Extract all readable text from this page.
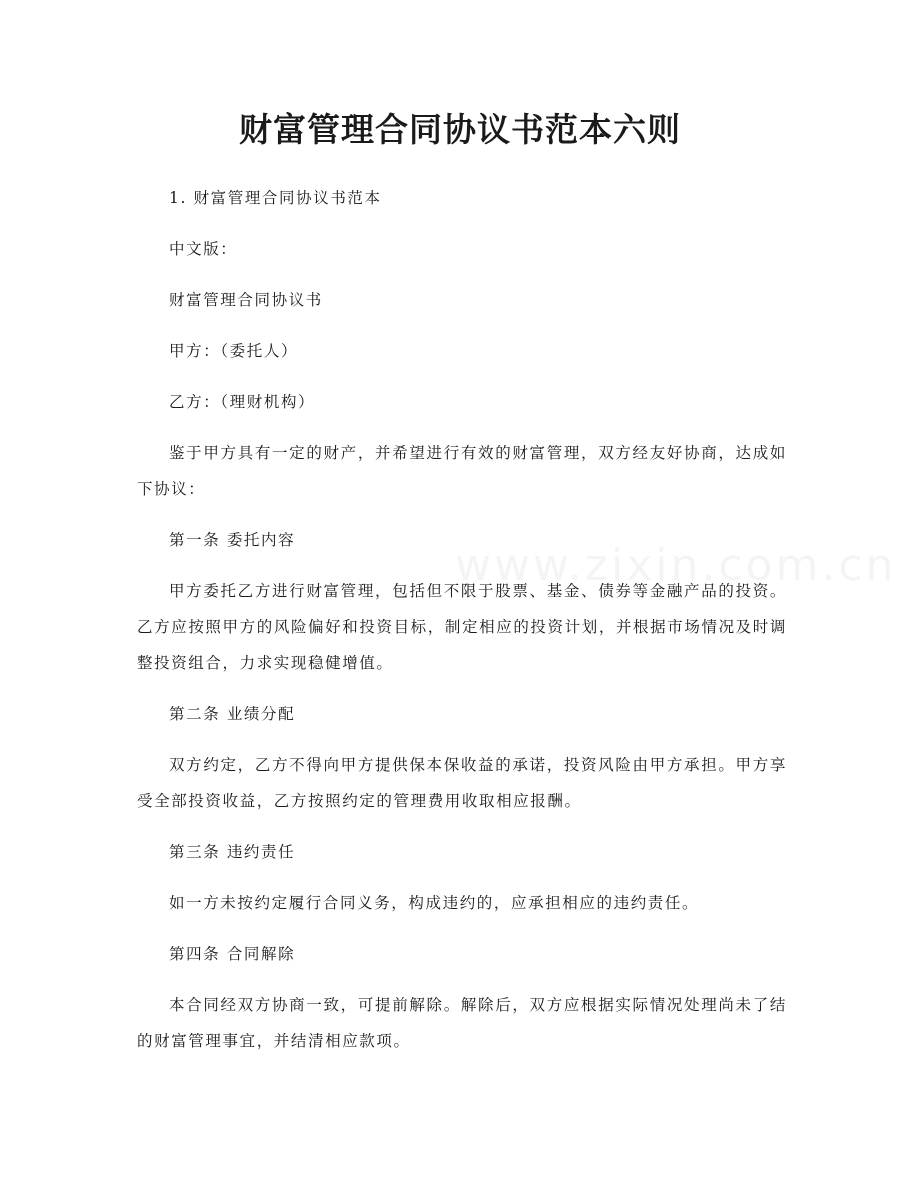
财富管理合同协议书范本六则

1. 财富管理合同协议书范本

中文版：

财富管理合同协议书

甲方：（委托人）

乙方：（理财机构）

鉴于甲方具有一定的财产，并希望进行有效的财富管理，双方经友好协商，达成如下协议：

第一条 委托内容

甲方委托乙方进行财富管理，包括但不限于股票、基金、债券等金融产品的投资。乙方应按照甲方的风险偏好和投资目标，制定相应的投资计划，并根据市场情况及时调整投资组合，力求实现稳健增值。

第二条 业绩分配

双方约定，乙方不得向甲方提供保本保收益的承诺，投资风险由甲方承担。甲方享受全部投资收益，乙方按照约定的管理费用收取相应报酬。

第三条 违约责任

如一方未按约定履行合同义务，构成违约的，应承担相应的违约责任。

第四条 合同解除

本合同经双方协商一致，可提前解除。解除后，双方应根据实际情况处理尚未了结的财富管理事宜，并结清相应款项。
